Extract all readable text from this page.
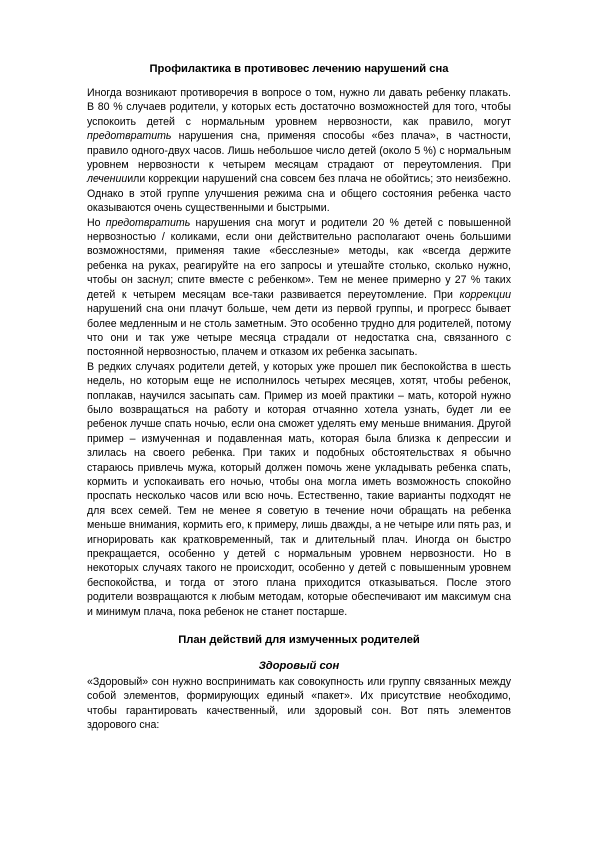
Профилактика в противовес лечению нарушений сна

Иногда возникают противоречия в вопросе о том, нужно ли давать ребенку плакать. В 80 % случаев родители, у которых есть достаточно возможностей для того, чтобы успокоить детей с нормальным уровнем нервозности, как правило, могут предотвратить нарушения сна, применяя способы «без плача», в частности, правило одного-двух часов. Лишь небольшое число детей (около 5 %) с нормальным уровнем нервозности к четырем месяцам страдают от переутомления. При леченииили коррекции нарушений сна совсем без плача не обойтись; это неизбежно. Однако в этой группе улучшения режима сна и общего состояния ребенка часто оказываются очень существенными и быстрыми.

Но предотвратить нарушения сна могут и родители 20 % детей с повышенной нервозностью / коликами, если они действительно располагают очень большими возможностями, применяя такие «бесслезные» методы, как «всегда держите ребенка на руках, реагируйте на его запросы и утешайте столько, сколько нужно, чтобы он заснул; спите вместе с ребенком». Тем не менее примерно у 27 % таких детей к четырем месяцам все-таки развивается переутомление. При коррекции нарушений сна они плачут больше, чем дети из первой группы, и прогресс бывает более медленным и не столь заметным. Это особенно трудно для родителей, потому что они и так уже четыре месяца страдали от недостатка сна, связанного с постоянной нервозностью, плачем и отказом их ребенка засыпать.

В редких случаях родители детей, у которых уже прошел пик беспокойства в шесть недель, но которым еще не исполнилось четырех месяцев, хотят, чтобы ребенок, поплакав, научился засыпать сам. Пример из моей практики – мать, которой нужно было возвращаться на работу и которая отчаянно хотела узнать, будет ли ее ребенок лучше спать ночью, если она сможет уделять ему меньше внимания. Другой пример – измученная и подавленная мать, которая была близка к депрессии и злилась на своего ребенка. При таких и подобных обстоятельствах я обычно стараюсь привлечь мужа, который должен помочь жене укладывать ребенка спать, кормить и успокаивать его ночью, чтобы она могла иметь возможность спокойно проспать несколько часов или всю ночь. Естественно, такие варианты подходят не для всех семей. Тем не менее я советую в течение ночи обращать на ребенка меньше внимания, кормить его, к примеру, лишь дважды, а не четыре или пять раз, и игнорировать как кратковременный, так и длительный плач. Иногда он быстро прекращается, особенно у детей с нормальным уровнем нервозности. Но в некоторых случаях такого не происходит, особенно у детей с повышенным уровнем беспокойства, и тогда от этого плана приходится отказываться. После этого родители возвращаются к любым методам, которые обеспечивают им максимум сна и минимум плача, пока ребенок не станет постарше.

План действий для измученных родителей
Здоровый сон

«Здоровый» сон нужно воспринимать как совокупность или группу связанных между собой элементов, формирующих единый «пакет». Их присутствие необходимо, чтобы гарантировать качественный, или здоровый сон. Вот пять элементов здорового сна:
